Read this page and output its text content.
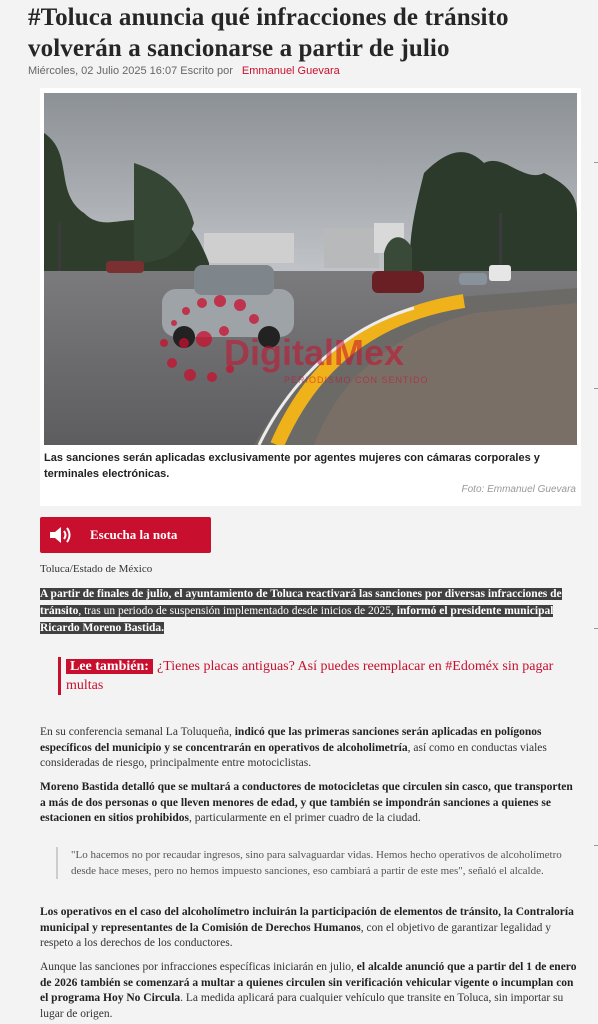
#Toluca anuncia qué infracciones de tránsito volverán a sancionarse a partir de julio
Miércoles, 02 Julio 2025 16:07 Escrito por Emmanuel Guevara
DigitalMex
PERIODISMO CON SENTIDO

Las sanciones serán aplicadas exclusivamente por agentes mujeres con cámaras corporales y terminales electrónicas.

Foto: Emmanuel Guevara
Escucha la nota
Toluca/Estado de México

A partir de finales de julio, el ayuntamiento de Toluca reactivará las sanciones por diversas infracciones de tránsito, tras un periodo de suspensión implementado desde inicios de 2025, informó el presidente municipal Ricardo Moreno Bastida.

Lee también: ¿Tienes placas antiguas? Así puedes reemplacar en #Edoméx sin pagar multas

En su conferencia semanal La Toluqueña, indicó que las primeras sanciones serán aplicadas en polígonos específicos del municipio y se concentrarán en operativos de alcoholimetría, así como en conductas viales consideradas de riesgo, principalmente entre motociclistas.

Moreno Bastida detalló que se multará a conductores de motocicletas que circulen sin casco, que transporten a más de dos personas o que lleven menores de edad, y que también se impondrán sanciones a quienes se estacionen en sitios prohibidos, particularmente en el primer cuadro de la ciudad.

"Lo hacemos no por recaudar ingresos, sino para salvaguardar vidas. Hemos hecho operativos de alcoholímetro desde hace meses, pero no hemos impuesto sanciones, eso cambiará a partir de este mes", señaló el alcalde.

Los operativos en el caso del alcoholímetro incluirán la participación de elementos de tránsito, la Contraloría municipal y representantes de la Comisión de Derechos Humanos, con el objetivo de garantizar legalidad y respeto a los derechos de los conductores.

Aunque las sanciones por infracciones específicas iniciarán en julio, el alcalde anunció que a partir del 1 de enero de 2026 también se comenzará a multar a quienes circulen sin verificación vehicular vigente o incumplan con el programa Hoy No Circula. La medida aplicará para cualquier vehículo que transite en Toluca, sin importar su lugar de origen.
